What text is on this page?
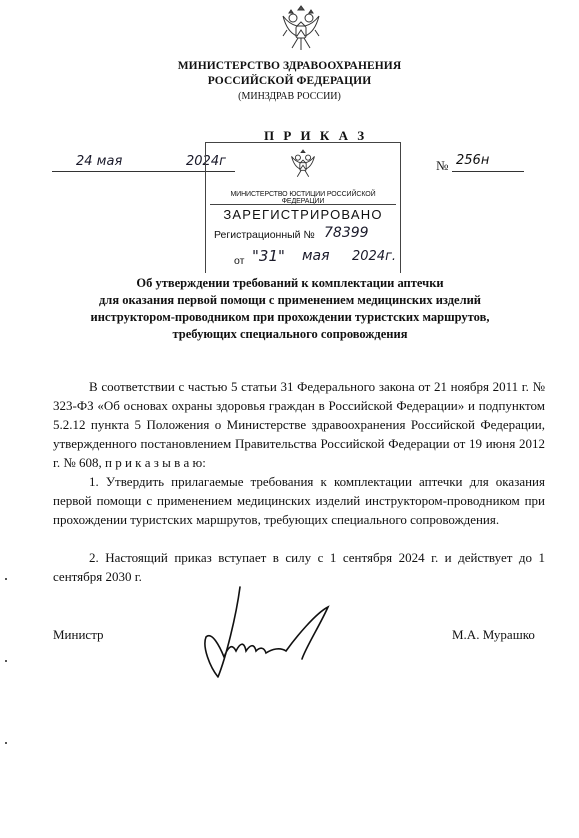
МИНИСТЕРСТВО ЗДРАВООХРАНЕНИЯ
РОССИЙСКОЙ ФЕДЕРАЦИИ
(МИНЗДРАВ РОССИИ)
П Р И К А З
24 мая	2024г	№ 256н
МИНИСТЕРСТВО ЮСТИЦИИ РОССИЙСКОЙ ФЕДЕРАЦИИ
ЗАРЕГИСТРИРОВАНО
Регистрационный № 78399
от "31" мая 2024г.
Об утверждении требований к комплектации аптечки
для оказания первой помощи с применением медицинских изделий
инструктором-проводником при прохождении туристских маршрутов,
требующих специального сопровождения
В соответствии с частью 5 статьи 31 Федерального закона от 21 ноября 2011 г. № 323-ФЗ «Об основах охраны здоровья граждан в Российской Федерации» и подпунктом 5.2.12 пункта 5 Положения о Министерстве здравоохранения Российской Федерации, утвержденного постановлением Правительства Российской Федерации от 19 июня 2012 г. № 608, п р и к а з ы в а ю:
1. Утвердить прилагаемые требования к комплектации аптечки для оказания первой помощи с применением медицинских изделий инструктором-проводником при прохождении туристских маршрутов, требующих специального сопровождения.
2. Настоящий приказ вступает в силу с 1 сентября 2024 г. и действует до 1 сентября 2030 г.
Министр	М.А. Мурашко
